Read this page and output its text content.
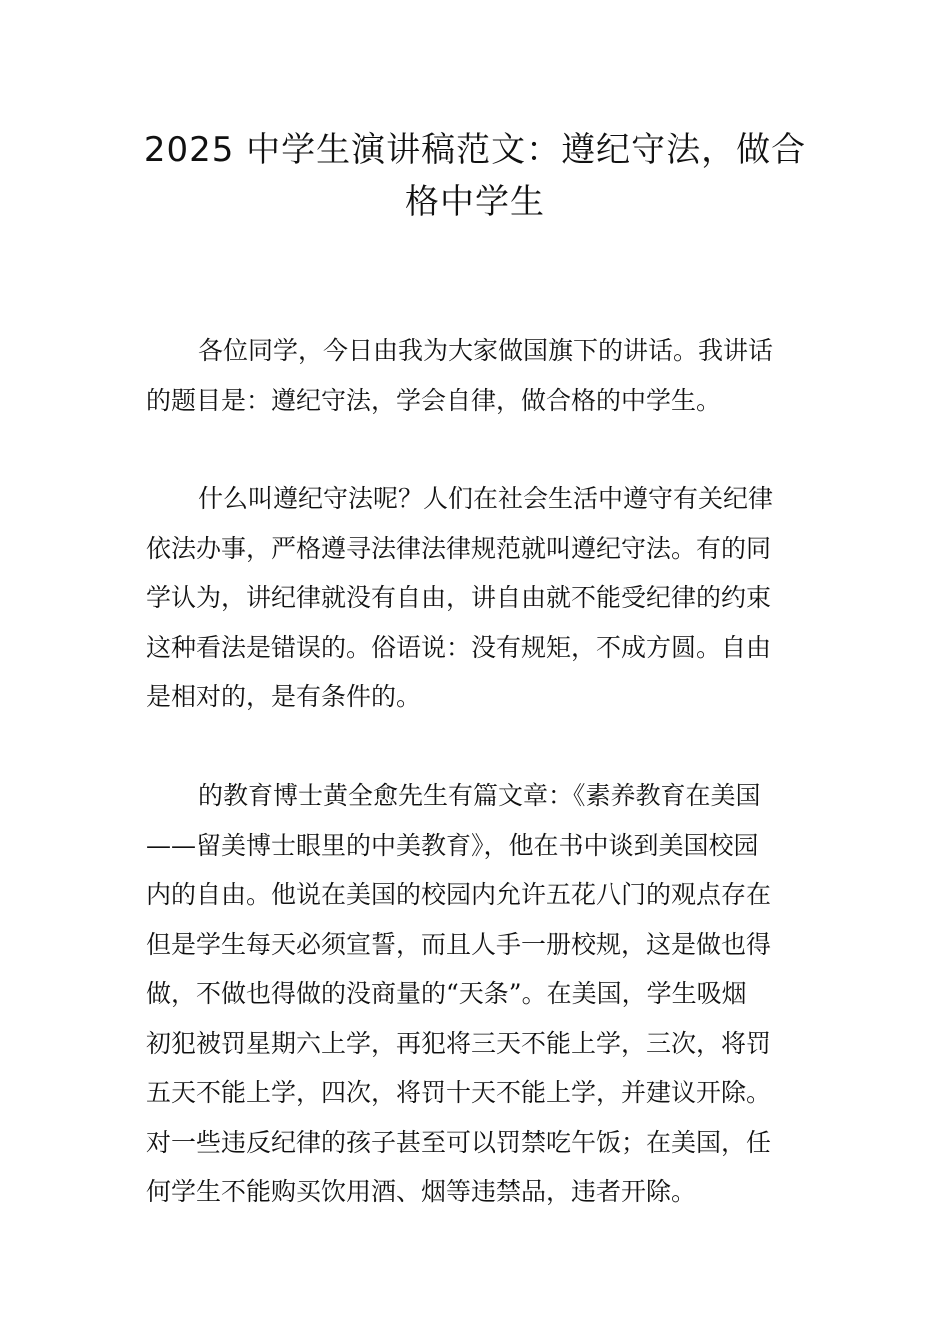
2025 中学生演讲稿范文：遵纪守法，做合
格中学生

各位同学，今日由我为大家做国旗下的讲话。我讲话
的题目是：遵纪守法，学会自律，做合格的中学生。

什么叫遵纪守法呢？人们在社会生活中遵守有关纪律
依法办事，严格遵寻法律法律规范就叫遵纪守法。有的同
学认为，讲纪律就没有自由，讲自由就不能受纪律的约束
这种看法是错误的。俗语说：没有规矩，不成方圆。自由
是相对的，是有条件的。

的教育博士黄全愈先生有篇文章：《素养教育在美国
——留美博士眼里的中美教育》，他在书中谈到美国校园
内的自由。他说在美国的校园内允许五花八门的观点存在
但是学生每天必须宣誓，而且人手一册校规，这是做也得
做，不做也得做的没商量的“天条”。在美国，学生吸烟
初犯被罚星期六上学，再犯将三天不能上学，三次，将罚
五天不能上学，四次，将罚十天不能上学，并建议开除。
对一些违反纪律的孩子甚至可以罚禁吃午饭；在美国，任
何学生不能购买饮用酒、烟等违禁品，违者开除。
